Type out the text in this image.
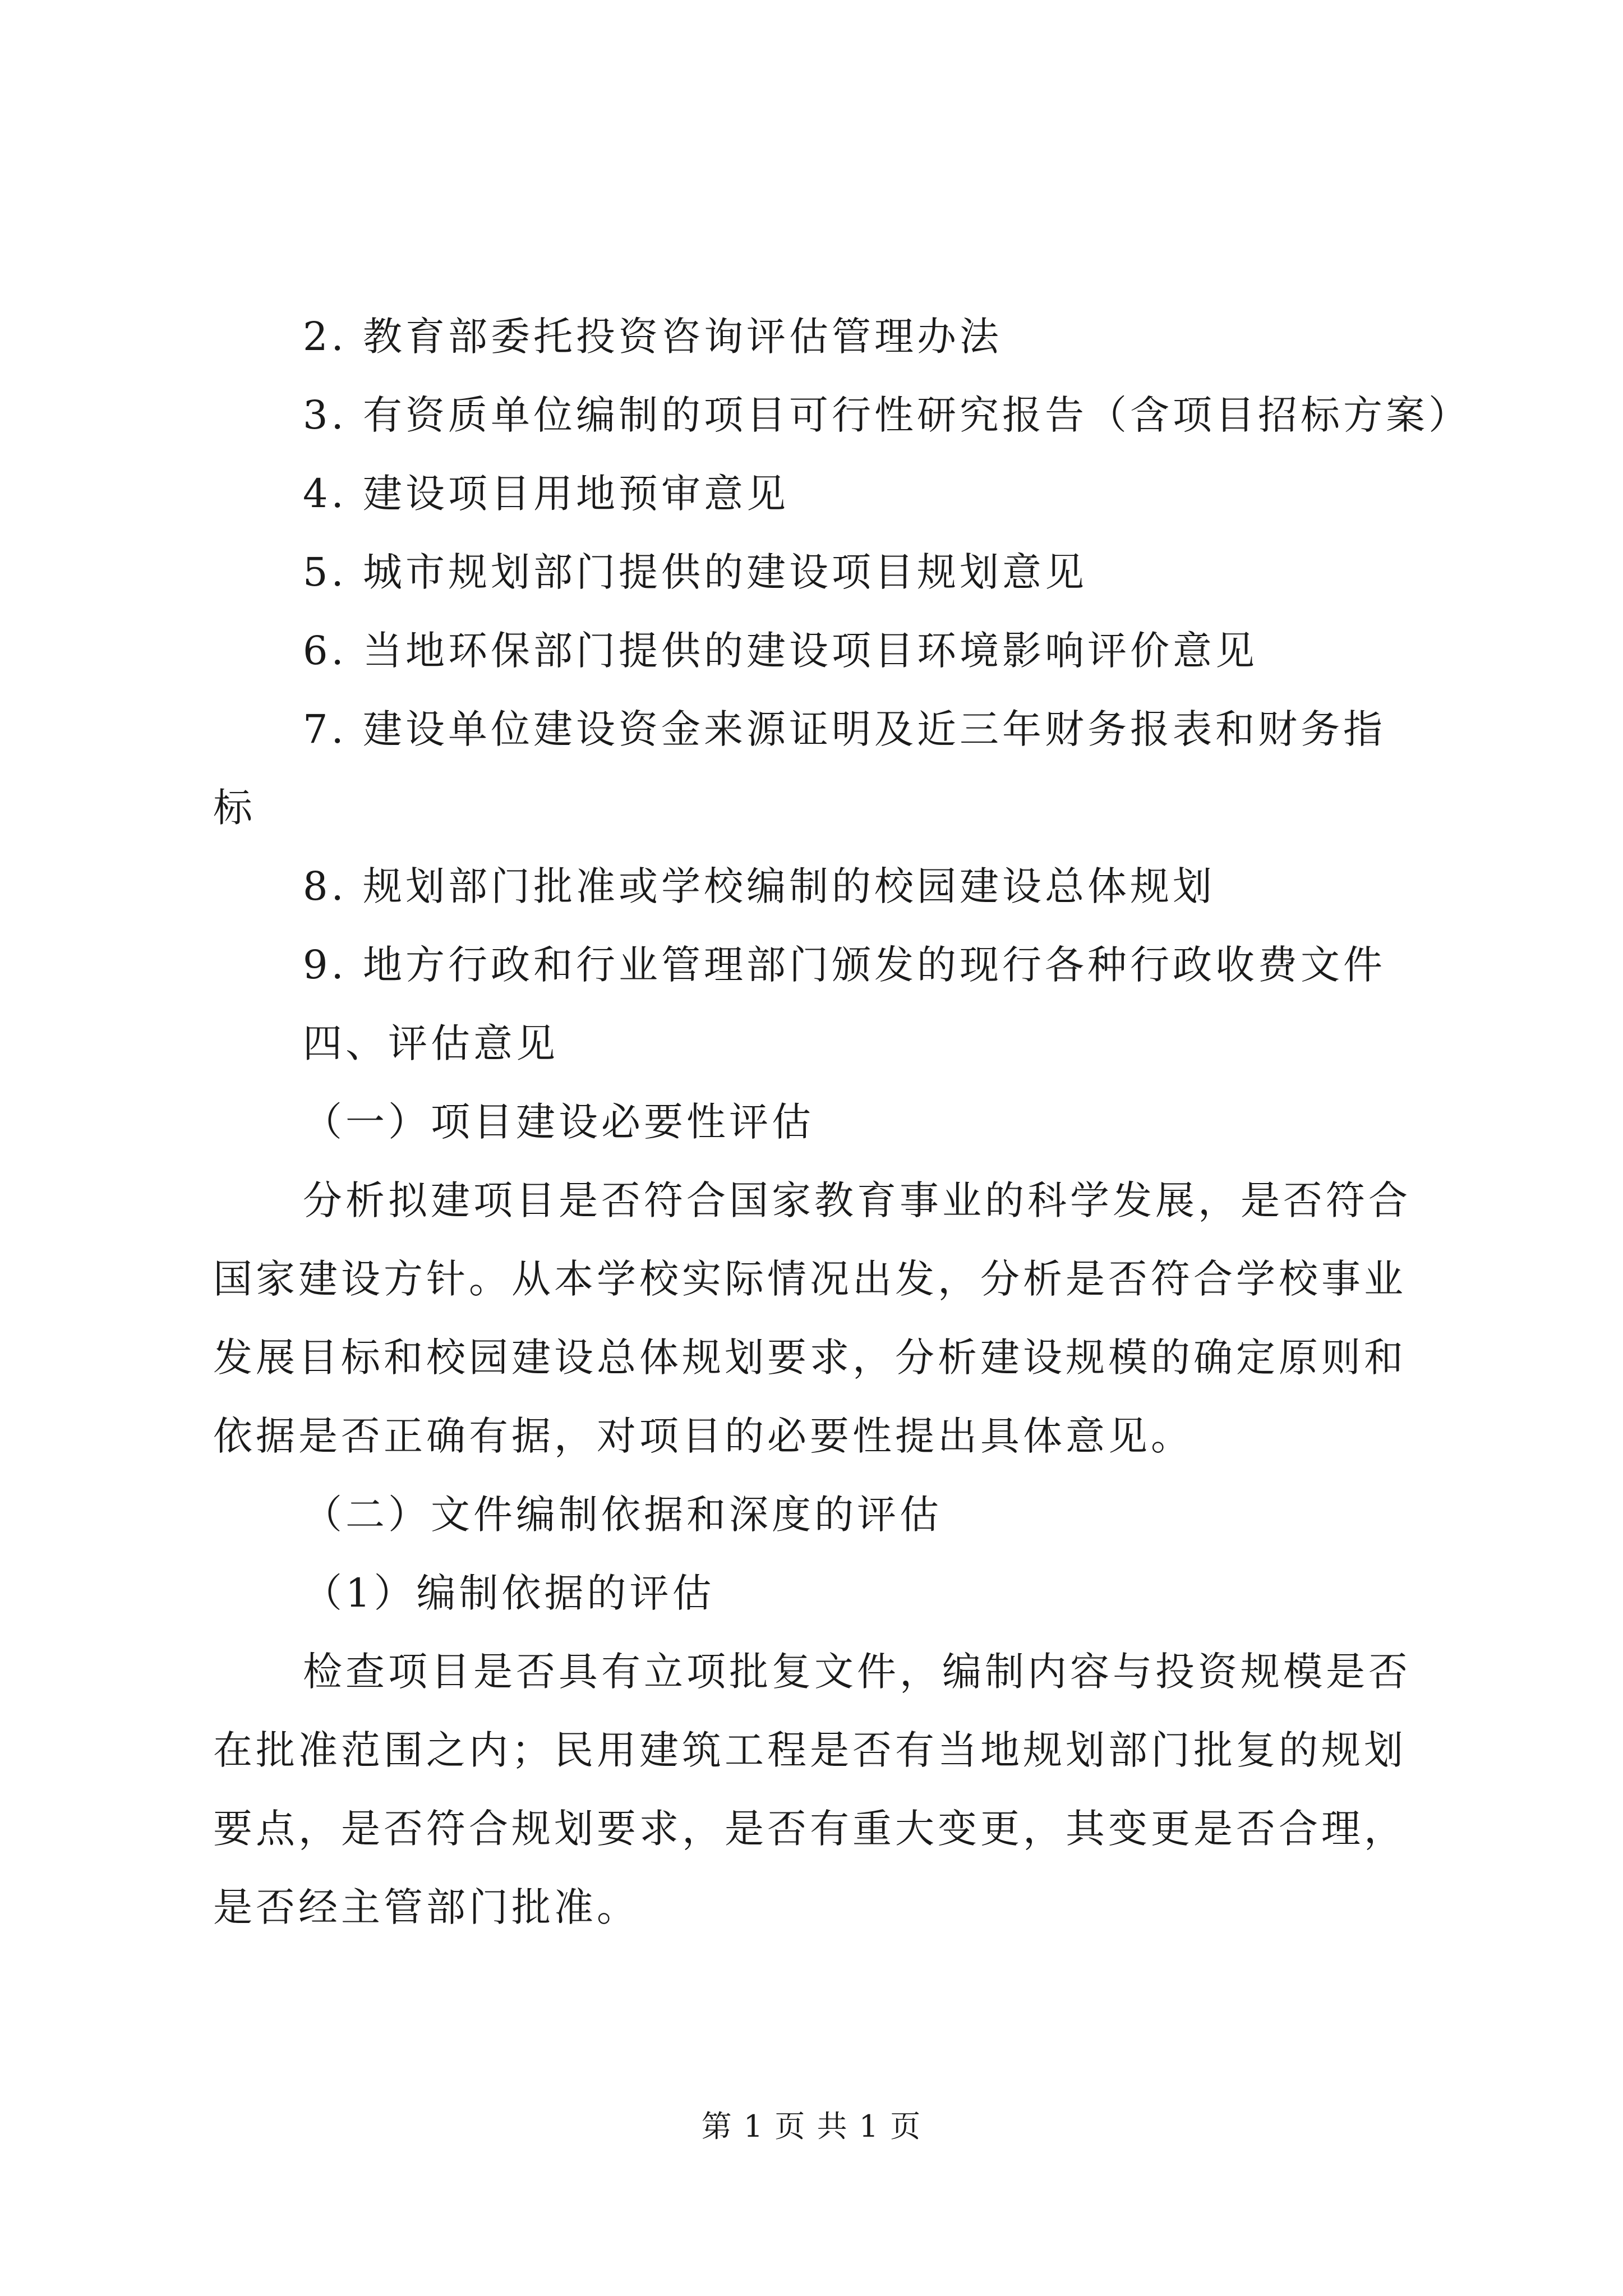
2. 教育部委托投资咨询评估管理办法
3. 有资质单位编制的项目可行性研究报告（含项目招标方案）
4. 建设项目用地预审意见
5. 城市规划部门提供的建设项目规划意见
6. 当地环保部门提供的建设项目环境影响评价意见
7. 建设单位建设资金来源证明及近三年财务报表和财务指
标
8. 规划部门批准或学校编制的校园建设总体规划
9. 地方行政和行业管理部门颁发的现行各种行政收费文件
四、评估意见
（一）项目建设必要性评估
分析拟建项目是否符合国家教育事业的科学发展，是否符合
国家建设方针。从本学校实际情况出发，分析是否符合学校事业
发展目标和校园建设总体规划要求，分析建设规模的确定原则和
依据是否正确有据，对项目的必要性提出具体意见。
（二）文件编制依据和深度的评估
（1）编制依据的评估
检查项目是否具有立项批复文件，编制内容与投资规模是否
在批准范围之内；民用建筑工程是否有当地规划部门批复的规划
要点，是否符合规划要求，是否有重大变更，其变更是否合理，
是否经主管部门批准。
第 1 页 共 1 页
